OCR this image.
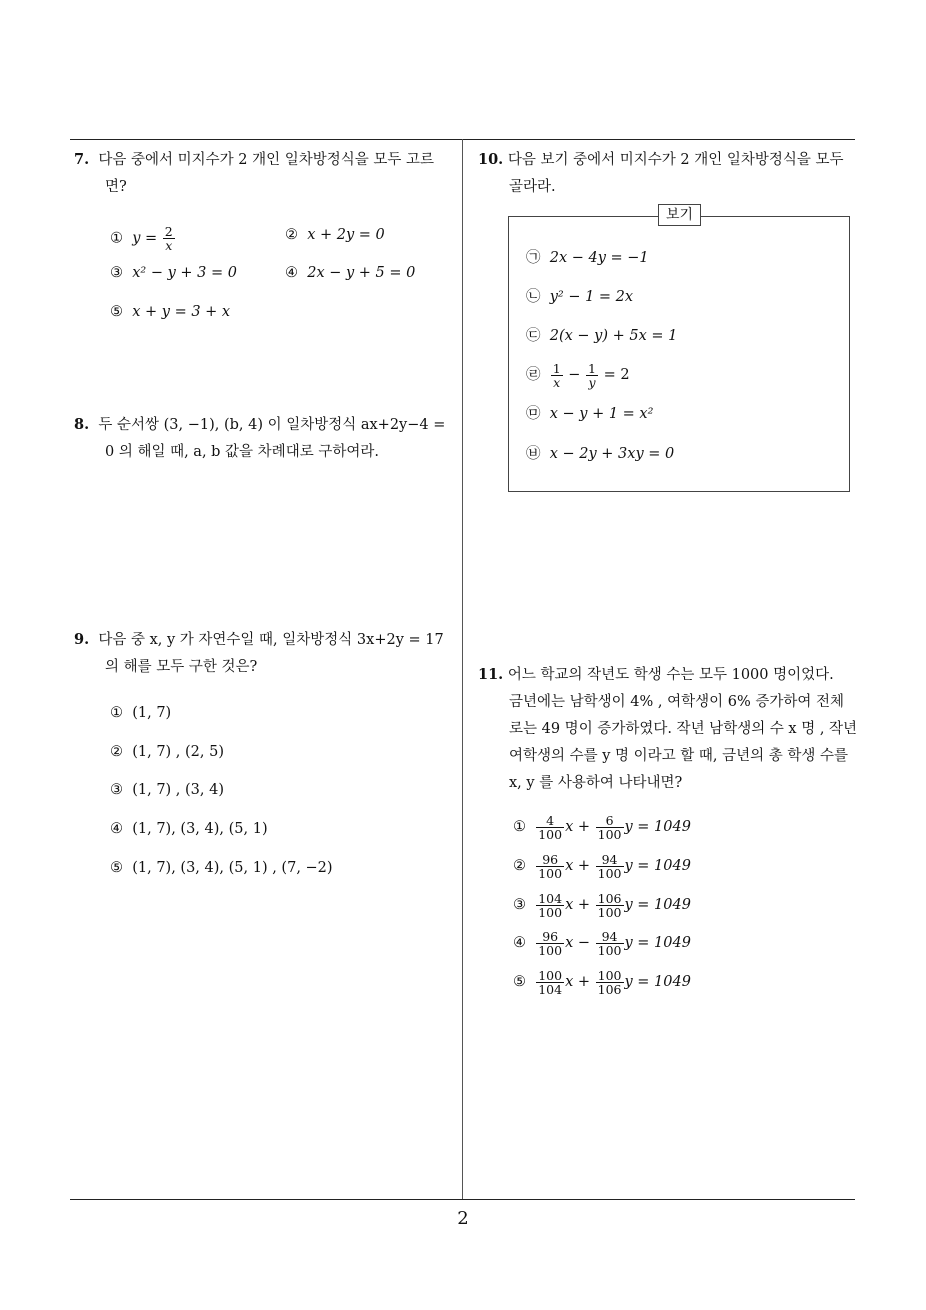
7. 다음 중에서 미지수가 2 개인 일차방정식을 모두 고르
면?
① $y = \frac{2}{x}$	② x + 2y = 0
③ x² − y + 3 = 0	④ 2x − y + 5 = 0
⑤ x + y = 3 + x
8. 두 순서쌍 (3, −1), (b, 4) 이 일차방정식 ax+2y−4 =
0 의 해일 때, a, b 값을 차례대로 구하여라.
9. 다음 중 x, y 가 자연수일 때, 일차방정식 3x+2y = 17
의 해를 모두 구한 것은?
① (1, 7)
② (1, 7) , (2, 5)
③ (1, 7) , (3, 4)
④ (1, 7), (3, 4), (5, 1)
⑤ (1, 7), (3, 4), (5, 1) , (7, −2)
10. 다음 보기 중에서 미지수가 2 개인 일차방정식을 모두
골라라.
보기
㉠ 2x − 4y = −1
㉡ y² − 1 = 2x
㉢ 2(x − y) + 5x = 1
㉣ $\frac{1}{x} - \frac{1}{y} = 2$
㉤ x − y + 1 = x²
㉥ x − 2y + 3xy = 0
11. 어느 학교의 작년도 학생 수는 모두 1000 명이었다.
금년에는 남학생이 4% , 여학생이 6% 증가하여 전체
로는 49 명이 증가하였다. 작년 남학생의 수 x 명 , 작년
여학생의 수를 y 명 이라고 할 때, 금년의 총 학생 수를
x, y 를 사용하여 나타내면?
① $\frac{4}{100}$ $x + \frac{6}{100}$ y = 1049
② $\frac{96}{100}$ $x + \frac{94}{100}$ y = 1049
③ $\frac{104}{100}$ $x + \frac{106}{100}$ y = 1049
④ $\frac{96}{100}$ $x - \frac{94}{100}$ y = 1049
⑤ $\frac{100}{104}$ $x + \frac{100}{106}$ y = 1049
2
